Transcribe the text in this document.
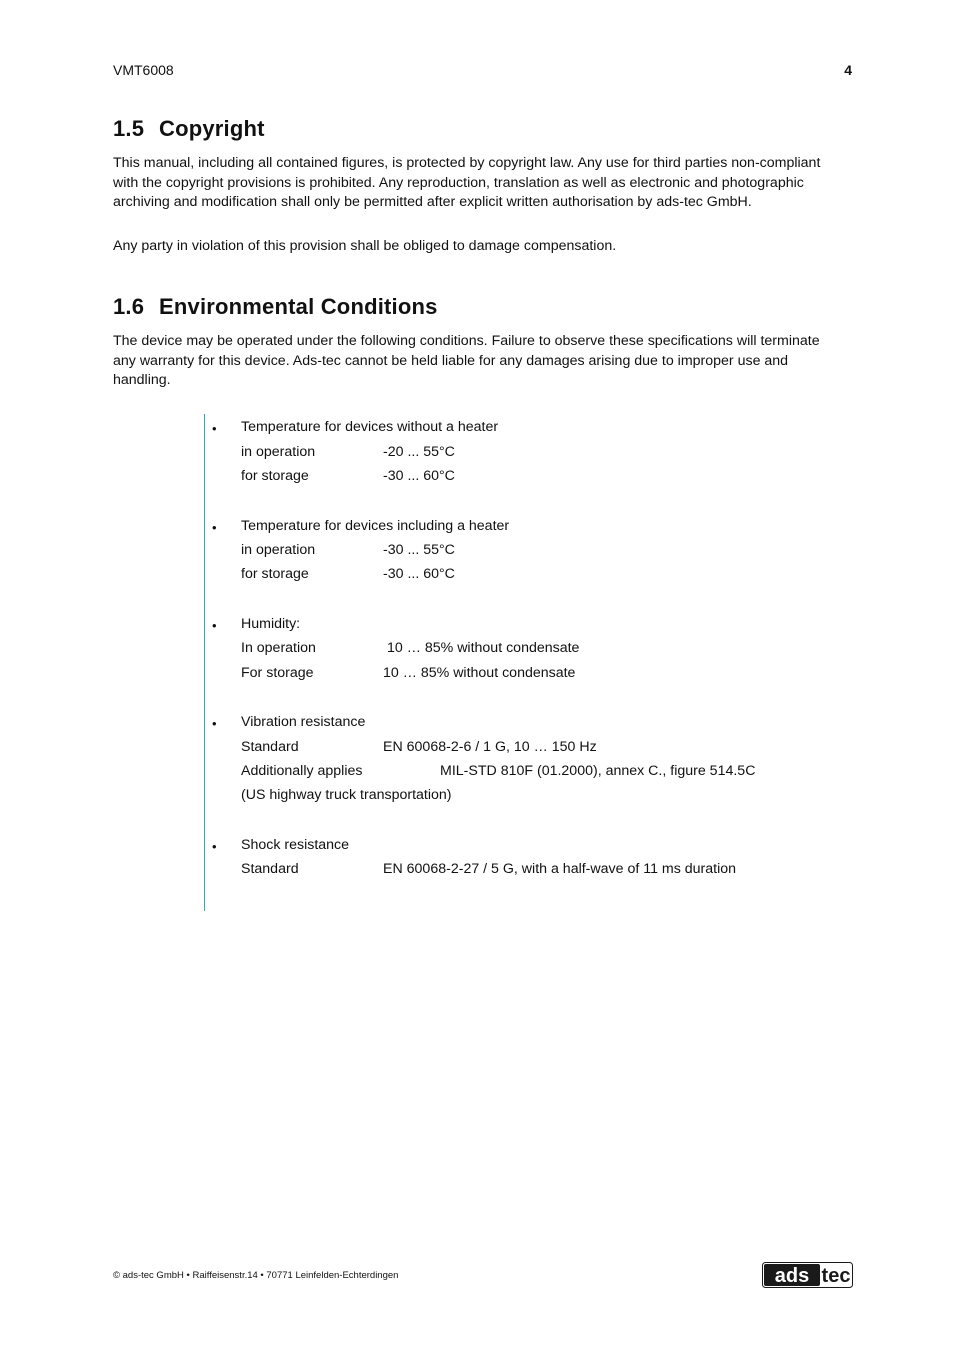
VMT6008	4
1.5 Copyright

This manual, including all contained figures, is protected by copyright law. Any use for third parties non-compliant with the copyright provisions is prohibited. Any reproduction, translation as well as electronic and photographic archiving and modification shall only be permitted after explicit written authorisation by ads-tec GmbH.

Any party in violation of this provision shall be obliged to damage compensation.

1.6 Environmental Conditions

The device may be operated under the following conditions. Failure to observe these specifications will terminate any warranty for this device. Ads-tec cannot be held liable for any damages arising due to improper use and handling.

• Temperature for devices without a heater
in operation	-20 ... 55°C
for storage	-30 ... 60°C
• Temperature for devices including a heater
in operation	-30 ... 55°C
for storage	-30 ... 60°C
• Humidity:
In operation	10 … 85% without condensate
For storage	10 … 85% without condensate
• Vibration resistance
Standard	EN 60068-2-6 / 1 G, 10 … 150 Hz
Additionally applies	MIL-STD 810F (01.2000), annex C., figure 514.5C
(US highway truck transportation)
• Shock resistance
Standard	EN 60068-2-27 / 5 G, with a half-wave of 11 ms duration
© ads-tec GmbH • Raiffeisenstr.14 • 70771 Leinfelden-Echterdingen	ads tec
